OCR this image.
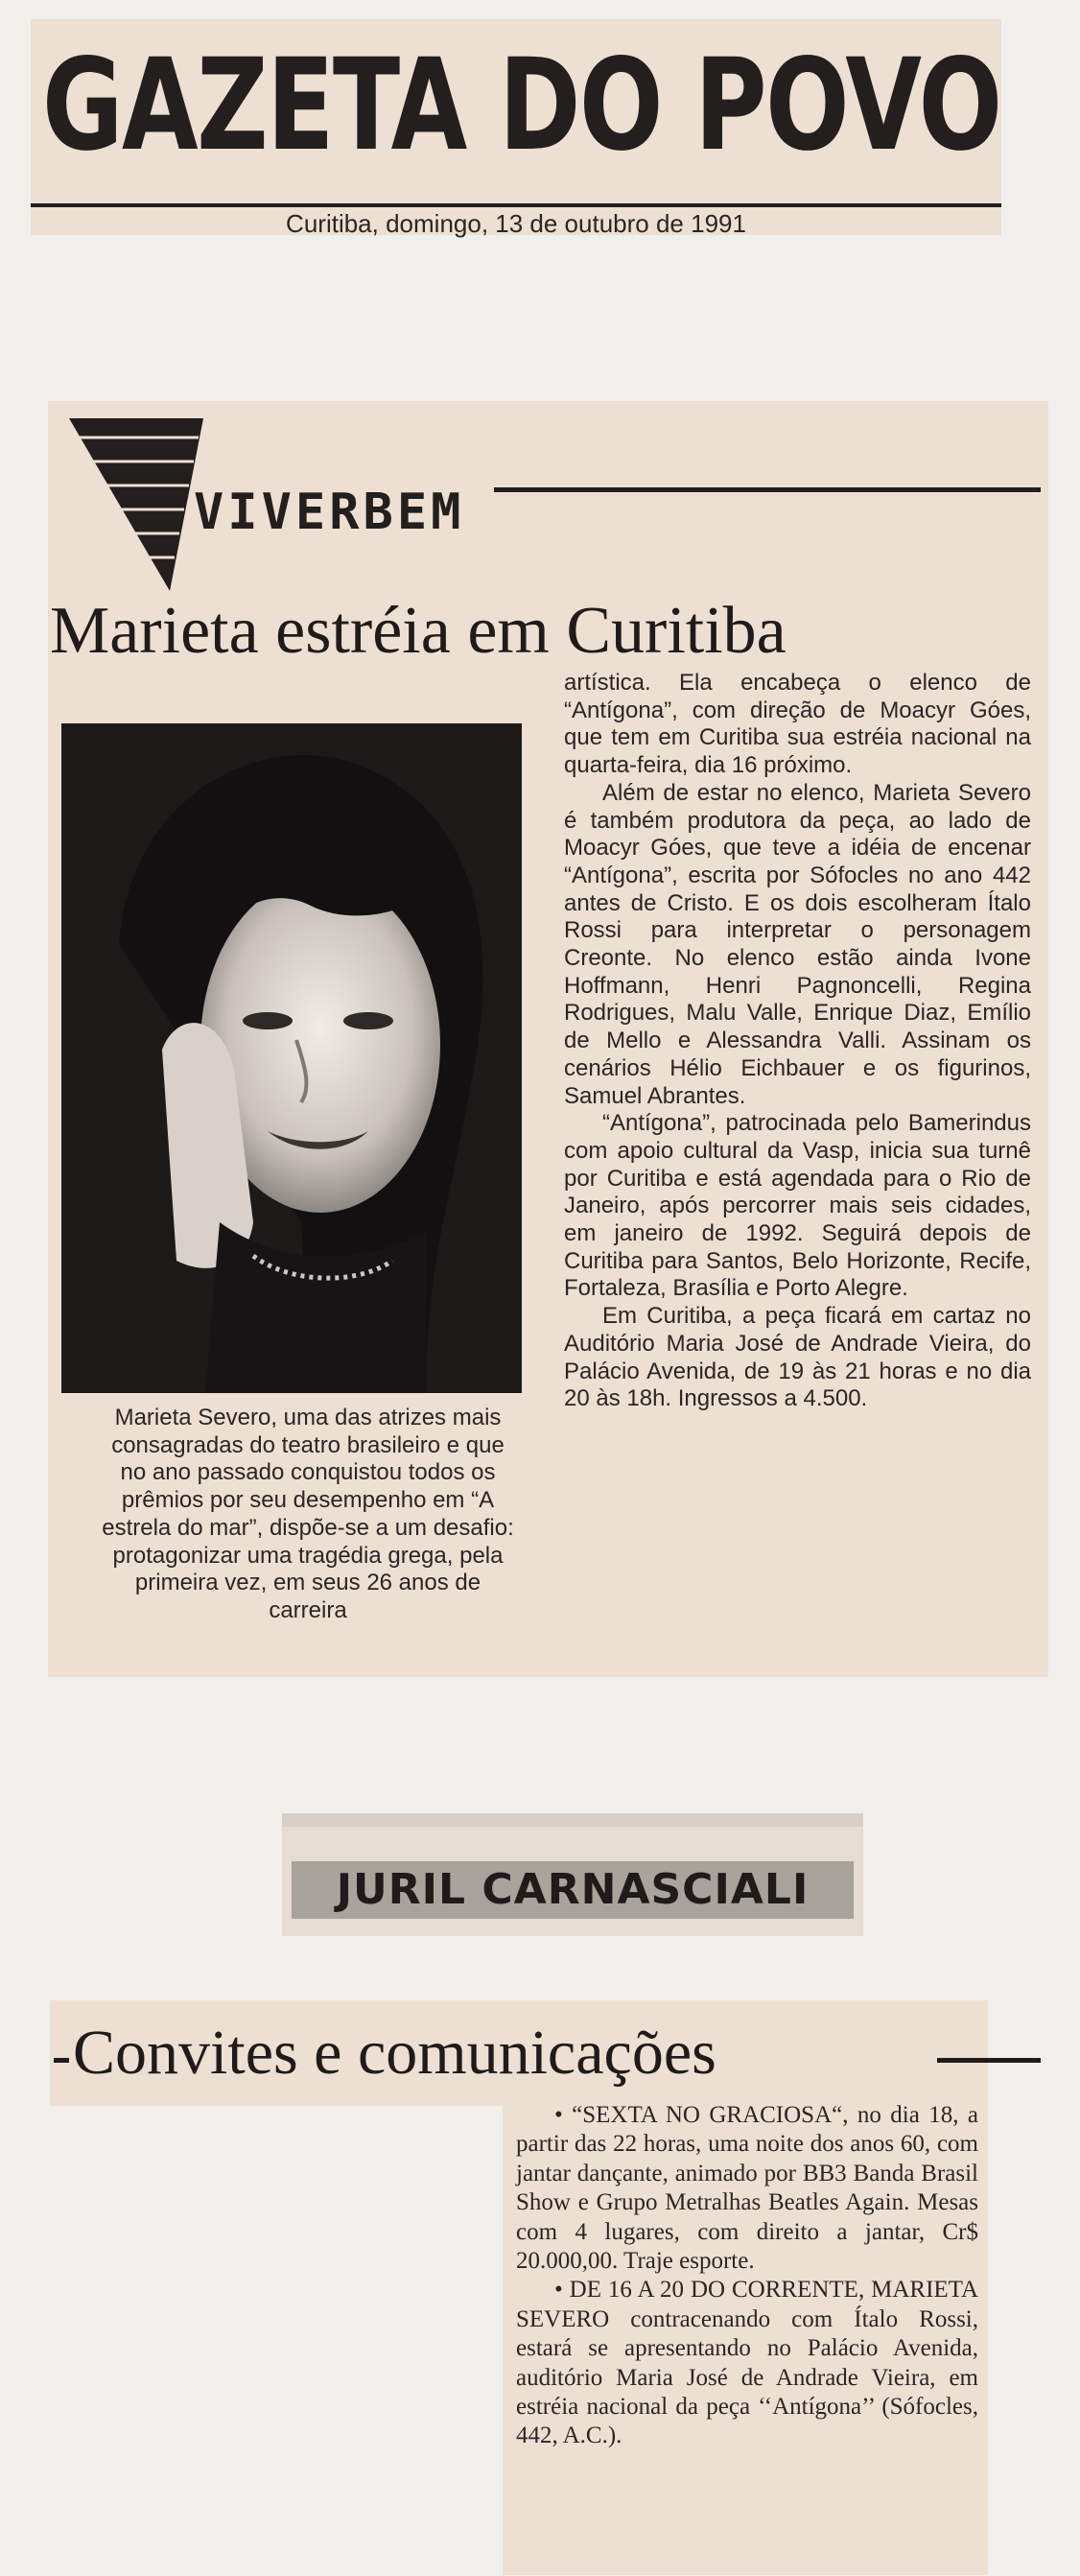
GAZETA DO POVO
Curitiba, domingo, 13 de outubro de 1991
VIVERBEM
Marieta estréia em Curitiba

Marieta Severo, uma das atrizes mais consagradas do teatro brasileiro e que no ano passado conquistou todos os prêmios por seu desempenho em “A estrela do mar”, dispõe-se a um desafio: protagonizar uma tragédia grega, pela primeira vez, em seus 26 anos de carreira

artística. Ela encabeça o elenco de “Antígona”, com direção de Moacyr Góes, que tem em Curitiba sua estréia nacional na quarta-feira, dia 16 próximo.

Além de estar no elenco, Marieta Severo é também produtora da peça, ao lado de Moacyr Góes, que teve a idéia de encenar “Antígona”, escrita por Sófocles no ano 442 antes de Cristo. E os dois escolheram Ítalo Rossi para interpretar o personagem Creonte. No elenco estão ainda Ivone Hoffmann, Henri Pagnoncelli, Regina Rodrigues, Malu Valle, Enrique Diaz, Emílio de Mello e Alessandra Valli. Assinam os cenários Hélio Eichbauer e os figurinos, Samuel Abrantes.

“Antígona”, patrocinada pelo Bamerindus com apoio cultural da Vasp, inicia sua turnê por Curitiba e está agendada para o Rio de Janeiro, após percorrer mais seis cidades, em janeiro de 1992. Seguirá depois de Curitiba para Santos, Belo Horizonte, Recife, Fortaleza, Brasília e Porto Alegre.

Em Curitiba, a peça ficará em cartaz no Auditório Maria José de Andrade Vieira, do Palácio Avenida, de 19 às 21 horas e no dia 20 às 18h. Ingressos a 4.500.

JURIL CARNASCIALI
Convites e comunicações

• “SEXTA NO GRACIOSA“, no dia 18, a partir das 22 horas, uma noite dos anos 60, com jantar dançante, animado por BB3 Banda Brasil Show e Grupo Metralhas Beatles Again. Mesas com 4 lugares, com direito a jantar, Cr$ 20.000,00. Traje esporte.

• DE 16 A 20 DO CORRENTE, MARIETA SEVERO contracenando com Ítalo Rossi, estará se apresentando no Palácio Avenida, auditório Maria José de Andrade Vieira, em estréia nacional da peça ‘‘Antígona’’ (Sófocles, 442, A.C.).
